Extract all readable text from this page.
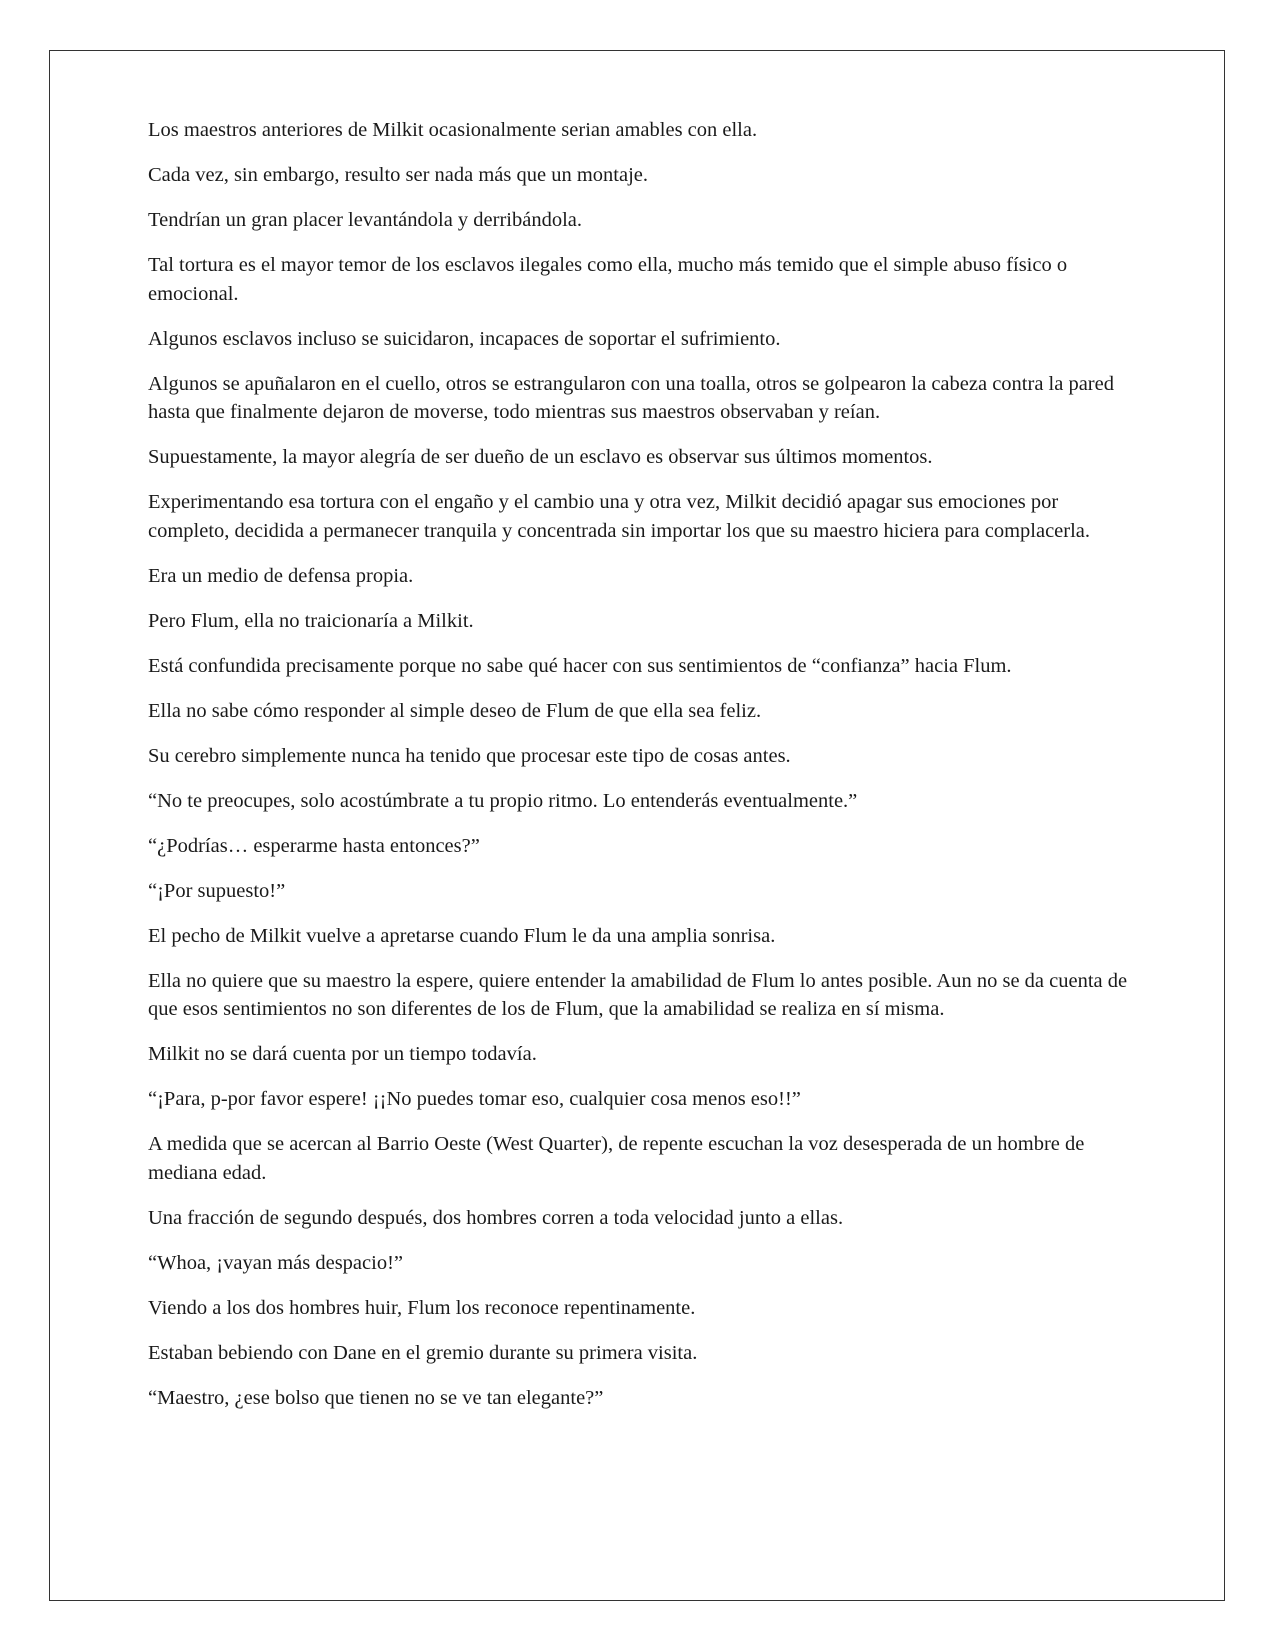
Los maestros anteriores de Milkit ocasionalmente serian amables con ella.

Cada vez, sin embargo, resulto ser nada más que un montaje.

Tendrían un gran placer levantándola y derribándola.

Tal tortura es el mayor temor de los esclavos ilegales como ella, mucho más temido que el simple abuso físico o emocional.

Algunos esclavos incluso se suicidaron, incapaces de soportar el sufrimiento.

Algunos se apuñalaron en el cuello, otros se estrangularon con una toalla, otros se golpearon la cabeza contra la pared hasta que finalmente dejaron de moverse, todo mientras sus maestros observaban y reían.

Supuestamente, la mayor alegría de ser dueño de un esclavo es observar sus últimos momentos.

Experimentando esa tortura con el engaño y el cambio una y otra vez, Milkit decidió apagar sus emociones por completo, decidida a permanecer tranquila y concentrada sin importar los que su maestro hiciera para complacerla.

Era un medio de defensa propia.

Pero Flum, ella no traicionaría a Milkit.

Está confundida precisamente porque no sabe qué hacer con sus sentimientos de “confianza” hacia Flum.

Ella no sabe cómo responder al simple deseo de Flum de que ella sea feliz.

Su cerebro simplemente nunca ha tenido que procesar este tipo de cosas antes.

“No te preocupes, solo acostúmbrate a tu propio ritmo. Lo entenderás eventualmente.”

“¿Podrías… esperarme hasta entonces?”

“¡Por supuesto!”

El pecho de Milkit vuelve a apretarse cuando Flum le da una amplia sonrisa.

Ella no quiere que su maestro la espere, quiere entender la amabilidad de Flum lo antes posible. Aun no se da cuenta de que esos sentimientos no son diferentes de los de Flum, que la amabilidad se realiza en sí misma.

Milkit no se dará cuenta por un tiempo todavía.

“¡Para, p-por favor espere! ¡¡No puedes tomar eso, cualquier cosa menos eso!!”

A medida que se acercan al Barrio Oeste (West Quarter), de repente escuchan la voz desesperada de un hombre de mediana edad.

Una fracción de segundo después, dos hombres corren a toda velocidad junto a ellas.

“Whoa, ¡vayan más despacio!”

Viendo a los dos hombres huir, Flum los reconoce repentinamente.

Estaban bebiendo con Dane en el gremio durante su primera visita.

“Maestro, ¿ese bolso que tienen no se ve tan elegante?”
